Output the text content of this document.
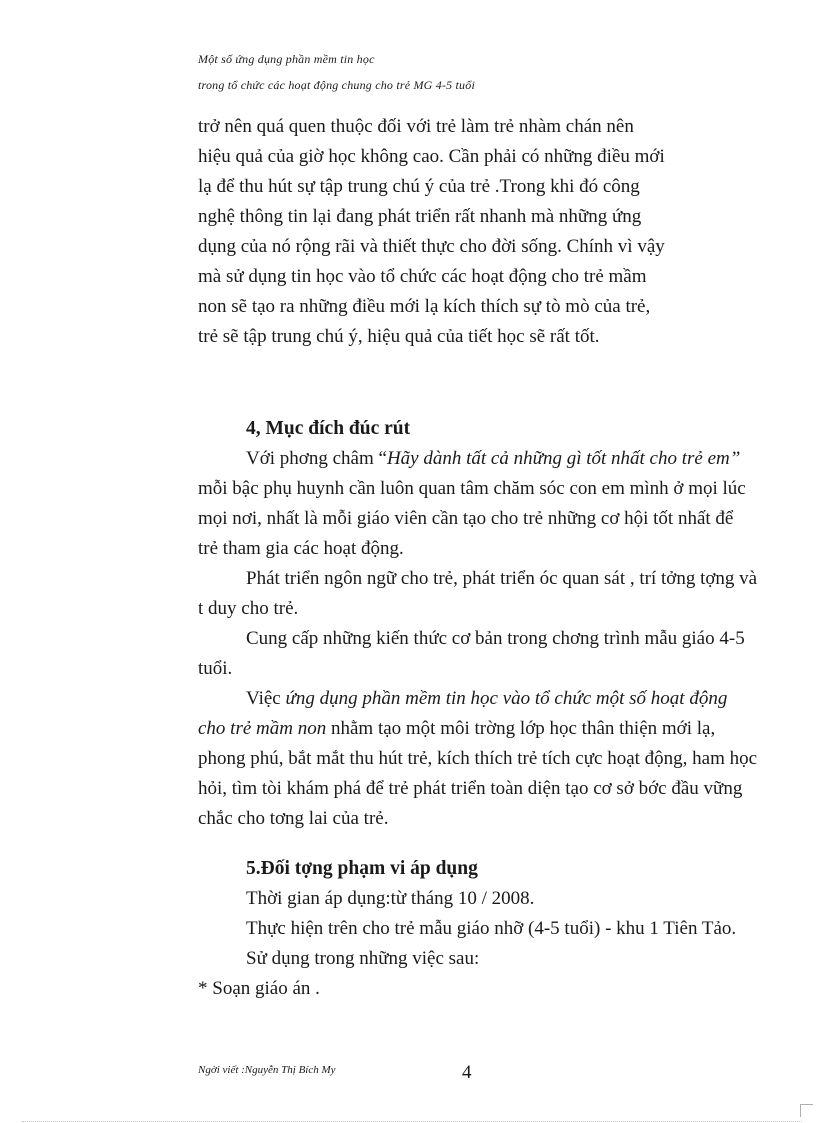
Một số ứng dụng phần mềm tin học
trong tổ chức các hoạt động chung cho trẻ MG 4-5 tuổi
trở nên quá quen thuộc đối với trẻ làm trẻ nhàm chán nên
hiệu quả của giờ học không cao. Cần phải có những điều mới
lạ để thu hút sự tập trung chú ý của trẻ .Trong khi đó công
nghệ thông tin lại đang phát triển rất nhanh mà những ứng
dụng của nó rộng rãi và thiết thực cho đời sống. Chính vì vậy
mà sử dụng tin học vào tổ chức các hoạt động cho trẻ mầm
non sẽ tạo ra những điều mới lạ kích thích sự tò mò của trẻ,
trẻ sẽ tập trung chú ý, hiệu quả của tiết học sẽ rất tốt.

4, Mục đích đúc rút

Với phơng châm “Hãy dành tất cả những gì tốt nhất cho trẻ em” mỗi bậc phụ huynh cần luôn quan tâm chăm sóc con em mình ở mọi lúc mọi nơi, nhất là mỗi giáo viên cần tạo cho trẻ những cơ hội tốt nhất để trẻ tham gia các hoạt động.

Phát triển ngôn ngữ cho trẻ, phát triển óc quan sát , trí tởng tợng và t duy cho trẻ.

Cung cấp những kiến thức cơ bản trong chơng trình mẫu giáo 4-5 tuổi.

Việc ứng dụng phần mềm tin học vào tổ chức một số hoạt động cho trẻ mầm non nhằm tạo một môi trờng lớp học thân thiện mới lạ, phong phú, bắt mắt thu hút trẻ, kích thích trẻ tích cực hoạt động, ham học hỏi, tìm tòi khám phá để trẻ phát triển toàn diện tạo cơ sở bớc đầu vững chắc cho tơng lai của trẻ.

5.Đối tợng phạm vi áp dụng

Thời gian áp dụng:từ tháng 10 / 2008.

Thực hiện trên cho trẻ mẫu giáo nhỡ (4-5 tuổi) - khu 1 Tiên Tảo.

Sử dụng trong những việc sau:

* Soạn giáo án .

Ngời viết :Nguyễn Thị Bích My	4
